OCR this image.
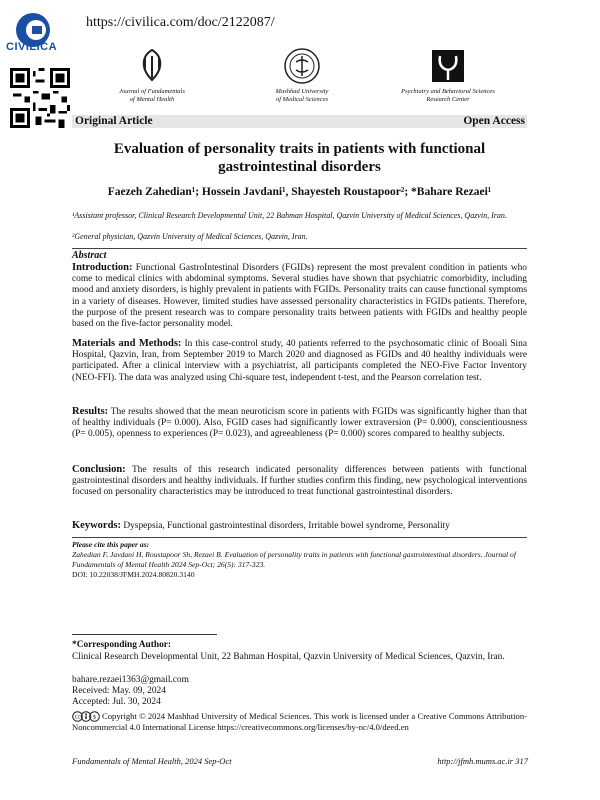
CIVILICA
https://civilica.com/doc/2122087/
Journal of Fundamentals
of Mental Health
Mashhad University
of Medical Sciences
Psychiatry and Behavioral Sciences
Research Center
Original Article	Open Access
Evaluation of personality traits in patients with functional gastrointestinal disorders
Faezeh Zahedian¹; Hossein Javdani¹, Shayesteh Roustapoor²; *Bahare Rezaei¹
¹Assistant professor, Clinical Research Developmental Unit, 22 Bahman Hospital, Qazvin University of Medical Sciences, Qazvin, Iran.
²General physician, Qazvin University of Medical Sciences, Qazvin, Iran.
Abstract
Introduction: Functional GastroIntestinal Disorders (FGIDs) represent the most prevalent condition in patients who come to medical clinics with abdominal symptoms. Several studies have shown that psychiatric comorbidity, including mood and anxiety disorders, is highly prevalent in patients with FGIDs. Personality traits can cause functional symptoms in a variety of diseases. However, limited studies have assessed personality characteristics in FGIDs patients. Therefore, the purpose of the present research was to compare personality traits between patients with FGIDs and healthy people based on the five-factor personality model.
Materials and Methods: In this case-control study, 40 patients referred to the psychosomatic clinic of Booali Sina Hospital, Qazvin, Iran, from September 2019 to March 2020 and diagnosed as FGIDs and 40 healthy individuals were participated. After a clinical interview with a psychiatrist, all participants completed the NEO-Five Factor Inventory (NEO-FFI). The data was analyzed using Chi-square test, independent t-test, and the Pearson correlation test.
Results: The results showed that the mean neuroticism score in patients with FGIDs was significantly higher than that of healthy individuals (P= 0.000). Also, FGID cases had significantly lower extraversion (P= 0.000), conscientiousness (P= 0.005), openness to experiences (P= 0.023), and agreeableness (P= 0.000) scores compared to healthy subjects.
Conclusion: The results of this research indicated personality differences between patients with functional gastrointestinal disorders and healthy individuals. If further studies confirm this finding, new psychological interventions focused on personality characteristics may be introduced to treat functional gastrointestinal disorders.
Keywords: Dyspepsia, Functional gastrointestinal disorders, Irritable bowel syndrome, Personality
Please cite this paper as:
Zahedian F, Javdani H, Roustapoor Sh, Rezaei B. Evaluation of personality traits in patients with functional gastrointestinal disorders. Journal of Fundamentals of Mental Health 2024 Sep-Oct; 26(5): 317-323.
DOI: 10.22038/JFMH.2024.80820.3140
*Corresponding Author:
Clinical Research Developmental Unit, 22 Bahman Hospital, Qazvin University of Medical Sciences, Qazvin, Iran.
bahare.rezaei1363@gmail.com
Received: May. 09, 2024
Accepted: Jul. 30, 2024
cc $ Copyright © 2024 Mashhad University of Medical Sciences. This work is licensed under a Creative Commons Attribution-Noncommercial 4.0 International License https://creativecommons.org/licenses/by-nc/4.0/deed.en
Fundamentals of Mental Health, 2024 Sep-Oct	http://jfmh.mums.ac.ir 317
